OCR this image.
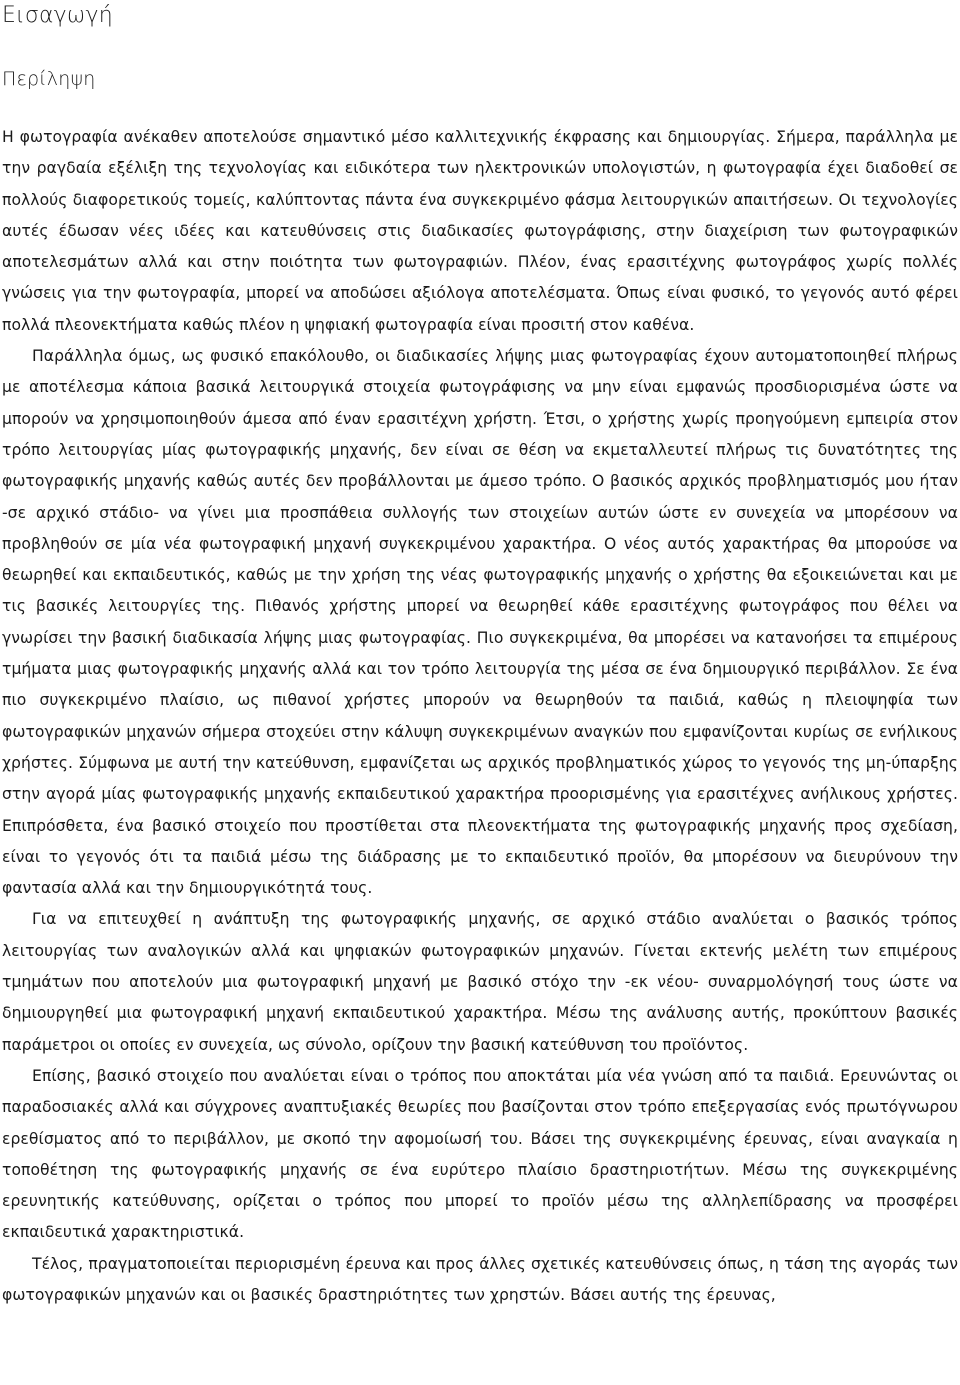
Εισαγωγή
Περίληψη

Η φωτογραφία ανέκαθεν αποτελούσε σημαντικό μέσο καλλιτεχνικής έκφρασης και δημιουργίας. Σήμερα, παράλληλα με την ραγδαία εξέλιξη της τεχνολογίας και ειδικότερα των ηλεκτρονικών υπολογιστών, η φωτογραφία έχει διαδοθεί σε πολλούς διαφορετικούς τομείς, καλύπτοντας πάντα ένα συγκεκριμένο φάσμα λειτουργικών απαιτήσεων. Οι τεχνολογίες αυτές έδωσαν νέες ιδέες και κατευθύνσεις στις διαδικασίες φωτογράφισης, στην διαχείριση των φωτογραφικών αποτελεσμάτων αλλά και στην ποιότητα των φωτογραφιών. Πλέον, ένας ερασιτέχνης φωτογράφος χωρίς πολλές γνώσεις για την φωτογραφία, μπορεί να αποδώσει αξιόλογα αποτελέσματα. Όπως είναι φυσικό, το γεγονός αυτό φέρει πολλά πλεονεκτήματα καθώς πλέον η ψηφιακή φωτογραφία είναι προσιτή στον καθένα.

Παράλληλα όμως, ως φυσικό επακόλουθο, οι διαδικασίες λήψης μιας φωτογραφίας έχουν αυτοματοποιηθεί πλήρως με αποτέλεσμα κάποια βασικά λειτουργικά στοιχεία φωτογράφισης να μην είναι εμφανώς προσδιορισμένα ώστε να μπορούν να χρησιμοποιηθούν άμεσα από έναν ερασιτέχνη χρήστη. Έτσι, ο χρήστης χωρίς προηγούμενη εμπειρία στον τρόπο λειτουργίας μίας φωτογραφικής μηχανής, δεν είναι σε θέση να εκμεταλλευτεί πλήρως τις δυνατότητες της φωτογραφικής μηχανής καθώς αυτές δεν προβάλλονται με άμεσο τρόπο. Ο βασικός αρχικός προβληματισμός μου ήταν -σε αρχικό στάδιο- να γίνει μια προσπάθεια συλλογής των στοιχείων αυτών ώστε εν συνεχεία να μπορέσουν να προβληθούν σε μία νέα φωτογραφική μηχανή συγκεκριμένου χαρακτήρα. Ο νέος αυτός χαρακτήρας θα μπορούσε να θεωρηθεί και εκπαιδευτικός, καθώς με την χρήση της νέας φωτογραφικής μηχανής ο χρήστης θα εξοικειώνεται και με τις βασικές λειτουργίες της. Πιθανός χρήστης μπορεί να θεωρηθεί κάθε ερασιτέχνης φωτογράφος που θέλει να γνωρίσει την βασική διαδικασία λήψης μιας φωτογραφίας. Πιο συγκεκριμένα, θα μπορέσει να κατανοήσει τα επιμέρους τμήματα μιας φωτογραφικής μηχανής αλλά και τον τρόπο λειτουργία της μέσα σε ένα δημιουργικό περιβάλλον. Σε ένα πιο συγκεκριμένο πλαίσιο, ως πιθανοί χρήστες μπορούν να θεωρηθούν τα παιδιά, καθώς η πλειοψηφία των φωτογραφικών μηχανών σήμερα στοχεύει στην κάλυψη συγκεκριμένων αναγκών που εμφανίζονται κυρίως σε ενήλικους χρήστες. Σύμφωνα με αυτή την κατεύθυνση, εμφανίζεται ως αρχικός προβληματικός χώρος το γεγονός της μη-ύπαρξης στην αγορά μίας φωτογραφικής μηχανής εκπαιδευτικού χαρακτήρα προορισμένης για ερασιτέχνες ανήλικους χρήστες. Επιπρόσθετα, ένα βασικό στοιχείο που προστίθεται στα πλεονεκτήματα της φωτογραφικής μηχανής προς σχεδίαση, είναι το γεγονός ότι τα παιδιά μέσω της διάδρασης με το εκπαιδευτικό προϊόν, θα μπορέσουν να διευρύνουν την φαντασία αλλά και την δημιουργικότητά τους.

Για να επιτευχθεί η ανάπτυξη της φωτογραφικής μηχανής, σε αρχικό στάδιο αναλύεται ο βασικός τρόπος λειτουργίας των αναλογικών αλλά και ψηφιακών φωτογραφικών μηχανών. Γίνεται εκτενής μελέτη των επιμέρους τμημάτων που αποτελούν μια φωτογραφική μηχανή με βασικό στόχο την -εκ νέου- συναρμολόγησή τους ώστε να δημιουργηθεί μια φωτογραφική μηχανή εκπαιδευτικού χαρακτήρα. Μέσω της ανάλυσης αυτής, προκύπτουν βασικές παράμετροι οι οποίες εν συνεχεία, ως σύνολο, ορίζουν την βασική κατεύθυνση του προϊόντος.

Επίσης, βασικό στοιχείο που αναλύεται είναι ο τρόπος που αποκτάται μία νέα γνώση από τα παιδιά. Ερευνώντας οι παραδοσιακές αλλά και σύγχρονες αναπτυξιακές θεωρίες που βασίζονται στον τρόπο επεξεργασίας ενός πρωτόγνωρου ερεθίσματος από το περιβάλλον, με σκοπό την αφομοίωσή του. Βάσει της συγκεκριμένης έρευνας, είναι αναγκαία η τοποθέτηση της φωτογραφικής μηχανής σε ένα ευρύτερο πλαίσιο δραστηριοτήτων. Μέσω της συγκεκριμένης ερευνητικής κατεύθυνσης, ορίζεται ο τρόπος που μπορεί το προϊόν μέσω της αλληλεπίδρασης να προσφέρει εκπαιδευτικά χαρακτηριστικά.

Τέλος, πραγματοποιείται περιορισμένη έρευνα και προς άλλες σχετικές κατευθύνσεις όπως, η τάση της αγοράς των φωτογραφικών μηχανών και οι βασικές δραστηριότητες των χρηστών. Βάσει αυτής της έρευνας,
